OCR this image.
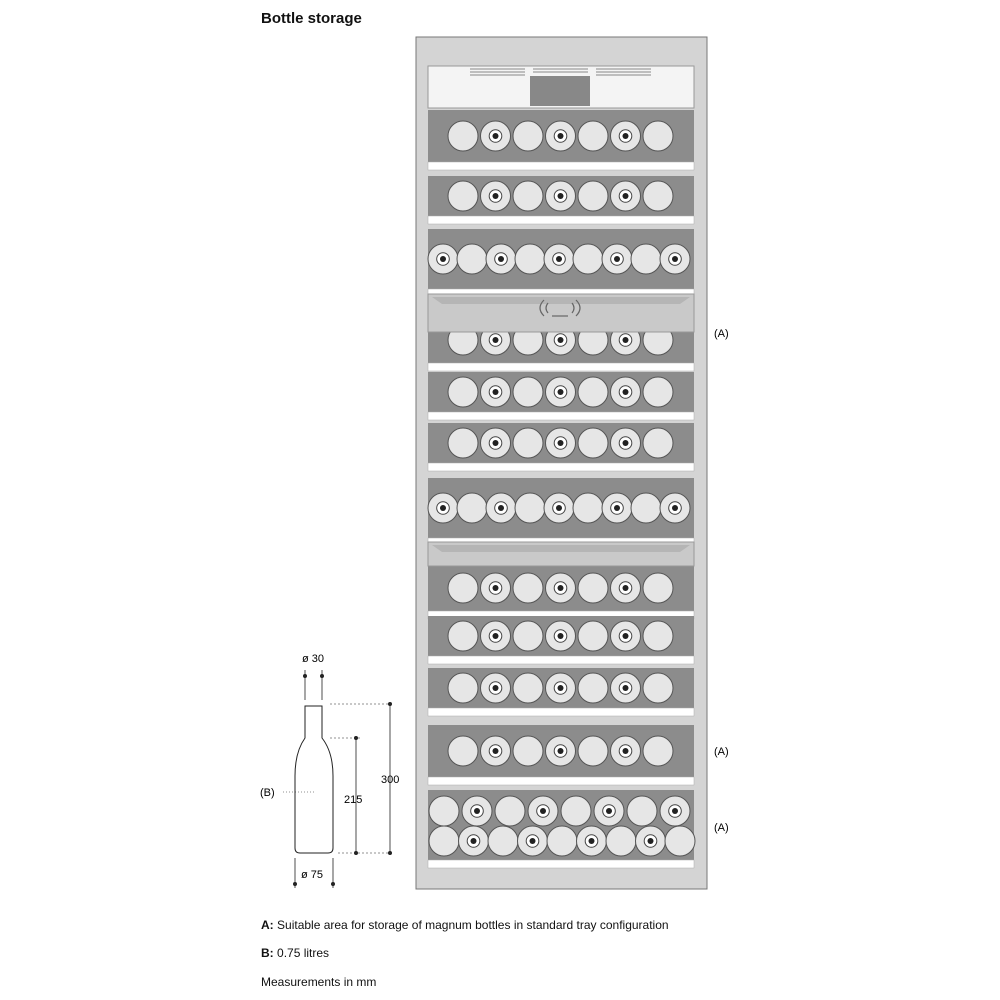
Bottle storage
(A)
(A)
(A)
ø 30
ø 75
300
215
(B)
A: Suitable area for storage of magnum bottles in standard tray configuration
B: 0.75 litres
Measurements in mm
